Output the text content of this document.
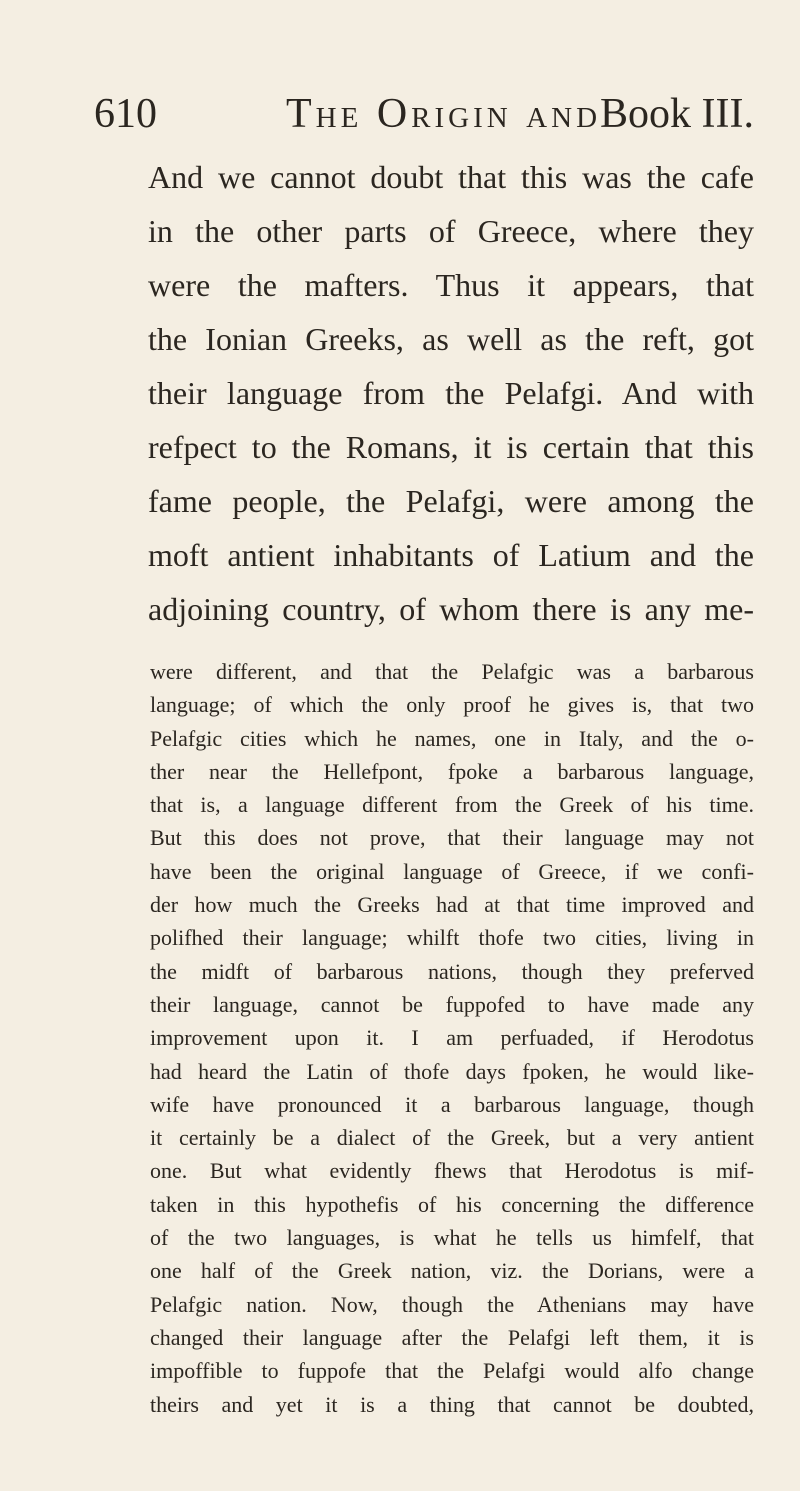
610	The Origin and Book III.
And we cannot doubt that this was the cafe
in the other parts of Greece, where they
were the mafters. Thus it appears, that
the Ionian Greeks, as well as the reft, got
their language from the Pelafgi. And with
refpect to the Romans, it is certain that this
fame people, the Pelafgi, were among the
moft antient inhabitants of Latium and the
adjoining country, of whom there is any me-
were different, and that the Pelafgic was a barbarous
language; of which the only proof he gives is, that two
Pelafgic cities which he names, one in Italy, and the o-
ther near the Hellefpont, fpoke a barbarous language,
that is, a language different from the Greek of his time.
But this does not prove, that their language may not
have been the original language of Greece, if we confi-
der how much the Greeks had at that time improved and
polifhed their language; whilft thofe two cities, living in
the midft of barbarous nations, though they preferved
their language, cannot be fuppofed to have made any
improvement upon it. I am perfuaded, if Herodotus
had heard the Latin of thofe days fpoken, he would like-
wife have pronounced it a barbarous language, though
it certainly be a dialect of the Greek, but a very antient
one. But what evidently fhews that Herodotus is mif-
taken in this hypothefis of his concerning the difference
of the two languages, is what he tells us himfelf, that
one half of the Greek nation, viz. the Dorians, were a
Pelafgic nation. Now, though the Athenians may have
changed their language after the Pelafgi left them, it is
impoffible to fuppofe that the Pelafgi would alfo change
theirs and yet it is a thing that cannot be doubted,
